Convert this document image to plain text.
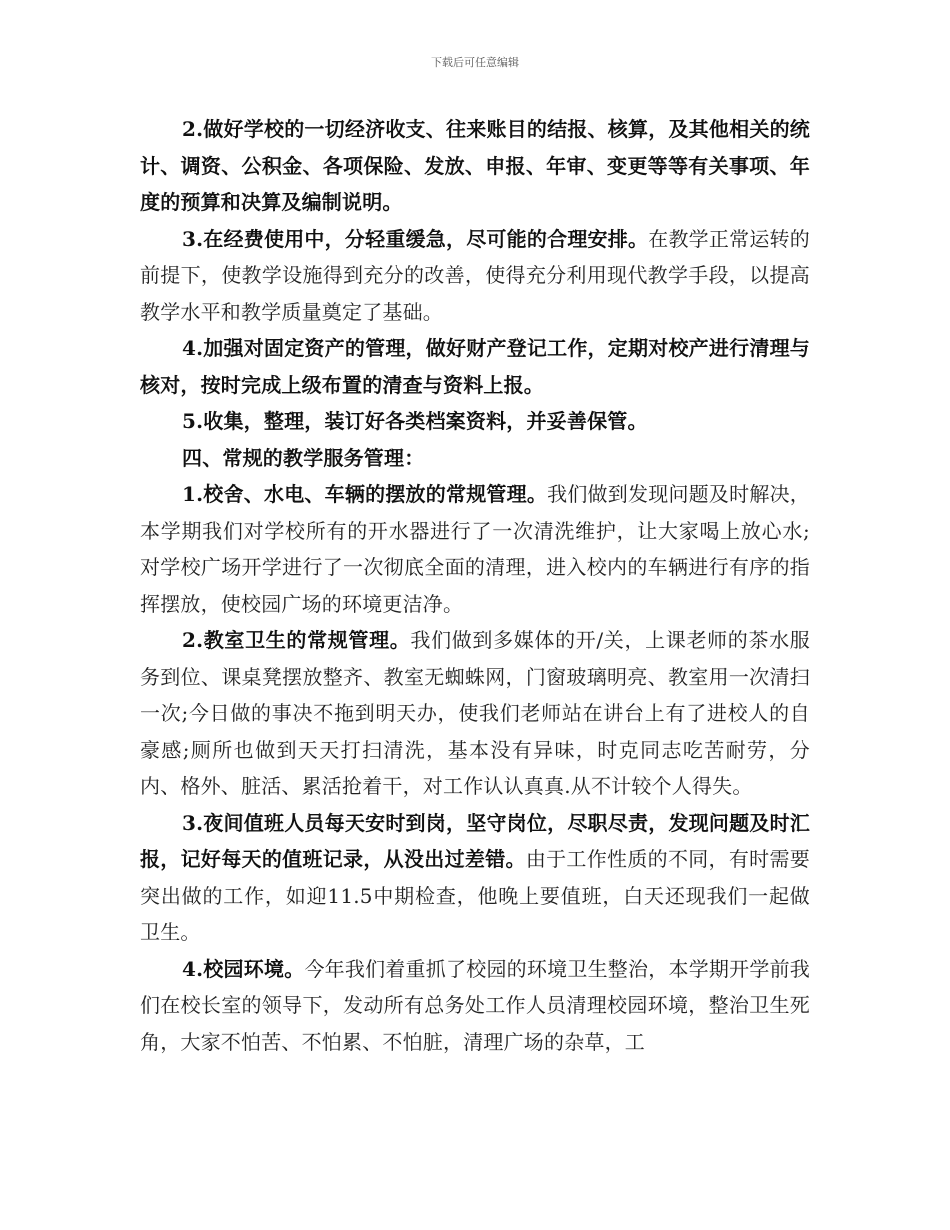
下载后可任意编辑

2.做好学校的一切经济收支、往来账目的结报、核算，及其他相关的统计、调资、公积金、各项保险、发放、申报、年审、变更等等有关事项、年度的预算和决算及编制说明。

3.在经费使用中，分轻重缓急，尽可能的合理安排。在教学正常运转的前提下，使教学设施得到充分的改善，使得充分利用现代教学手段，以提高教学水平和教学质量奠定了基础。

4.加强对固定资产的管理，做好财产登记工作，定期对校产进行清理与核对，按时完成上级布置的清查与资料上报。

5.收集，整理，装订好各类档案资料，并妥善保管。

四、常规的教学服务管理：

1.校舍、水电、车辆的摆放的常规管理。我们做到发现问题及时解决，本学期我们对学校所有的开水器进行了一次清洗维护，让大家喝上放心水;对学校广场开学进行了一次彻底全面的清理，进入校内的车辆进行有序的指挥摆放，使校园广场的环境更洁净。

2.教室卫生的常规管理。我们做到多媒体的开/关，上课老师的茶水服务到位、课桌凳摆放整齐、教室无蜘蛛网，门窗玻璃明亮、教室用一次清扫一次;今日做的事决不拖到明天办，使我们老师站在讲台上有了进校人的自豪感;厕所也做到天天打扫清洗，基本没有异味，时克同志吃苦耐劳，分内、格外、脏活、累活抢着干，对工作认认真真.从不计较个人得失。

3.夜间值班人员每天安时到岗，坚守岗位，尽职尽责，发现问题及时汇报，记好每天的值班记录，从没出过差错。由于工作性质的不同，有时需要突出做的工作，如迎11.5中期检查，他晚上要值班，白天还现我们一起做卫生。

4.校园环境。今年我们着重抓了校园的环境卫生整治，本学期开学前我们在校长室的领导下，发动所有总务处工作人员清理校园环境，整治卫生死角，大家不怕苦、不怕累、不怕脏，清理广场的杂草，工
